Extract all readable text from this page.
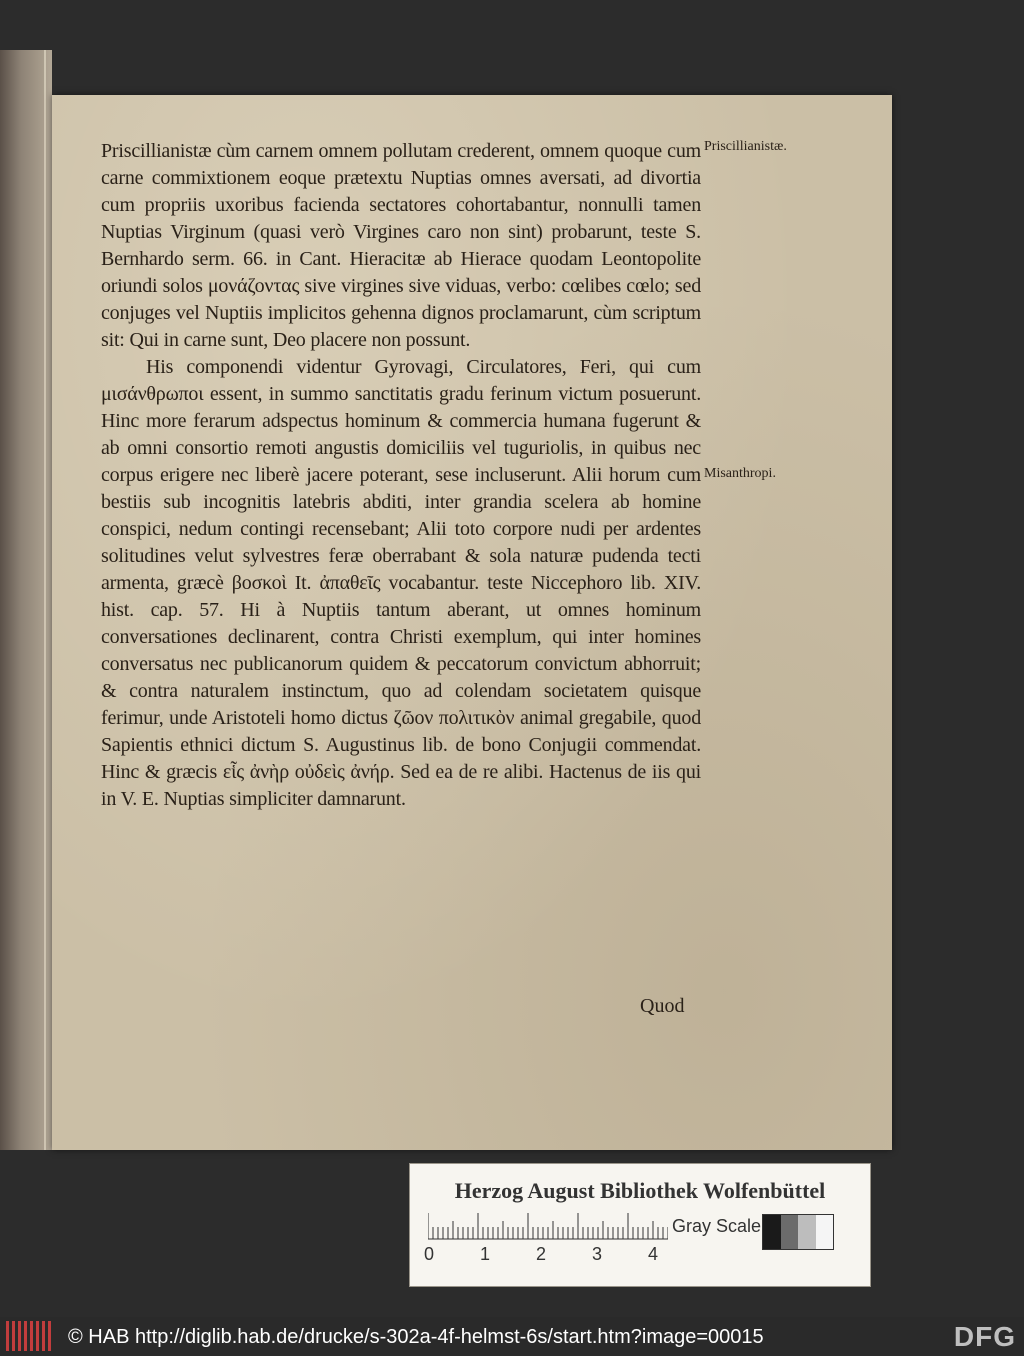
Priscillianistæ cùm carnem omnem pollutam crederent, omnem quoque cum carne commixtionem eoque prætextu Nuptias omnes aversati, ad divortia cum propriis uxoribus facienda sectatores cohortabantur, nonnulli tamen Nuptias Virginum (quasi verò Virgines caro non sint) probarunt, teste S. Bernhardo serm. 66. in Cant. Hieracitæ ab Hierace quodam Leontopolite oriundi solos μονάζοντας sive virgines sive viduas, verbo: cœlibes cœlo; sed conjuges vel Nuptiis implicitos gehenna dignos proclamarunt, cùm scriptum sit: Qui in carne sunt, Deo placere non possunt.

His componendi videntur Gyrovagi, Circulatores, Feri, qui cum μισάνθρωποι essent, in summo sanctitatis gradu ferinum victum posuerunt. Hinc more ferarum adspectus hominum & commercia humana fugerunt & ab omni consortio remoti angustis domiciliis vel tuguriolis, in quibus nec corpus erigere nec liberè jacere poterant, sese incluserunt. Alii horum cum bestiis sub incognitis latebris abditi, inter grandia scelera ab homine conspici, nedum contingi recensebant; Alii toto corpore nudi per ardentes solitudines velut sylvestres feræ oberrabant & sola naturæ pudenda tecti armenta, græcè βοσκοὶ It. ἀπαθεῖς vocabantur. teste Niccephoro lib. XIV. hist. cap. 57. Hi à Nuptiis tantum aberant, ut omnes hominum conversationes declinarent, contra Christi exemplum, qui inter homines conversatus nec publicanorum quidem & peccatorum convictum abhorruit; & contra naturalem instinctum, quo ad colendam societatem quisque ferimur, unde Aristoteli homo dictus ζῶον πολιτικὸν animal gregabile, quod Sapientis ethnici dictum S. Augustinus lib. de bono Conjugii commendat. Hinc & græcis εἷς ἀνὴρ οὐδεὶς ἀνήρ. Sed ea de re alibi. Hactenus de iis qui in V. E. Nuptias simpliciter damnarunt.

Priscillianistæ.
Misanthropi.
Quod
Herzog August Bibliothek Wolfenbüttel
0	1	2	3	4
Gray Scale
© HAB http://diglib.hab.de/drucke/s-302a-4f-helmst-6s/start.htm?image=00015	DFG
